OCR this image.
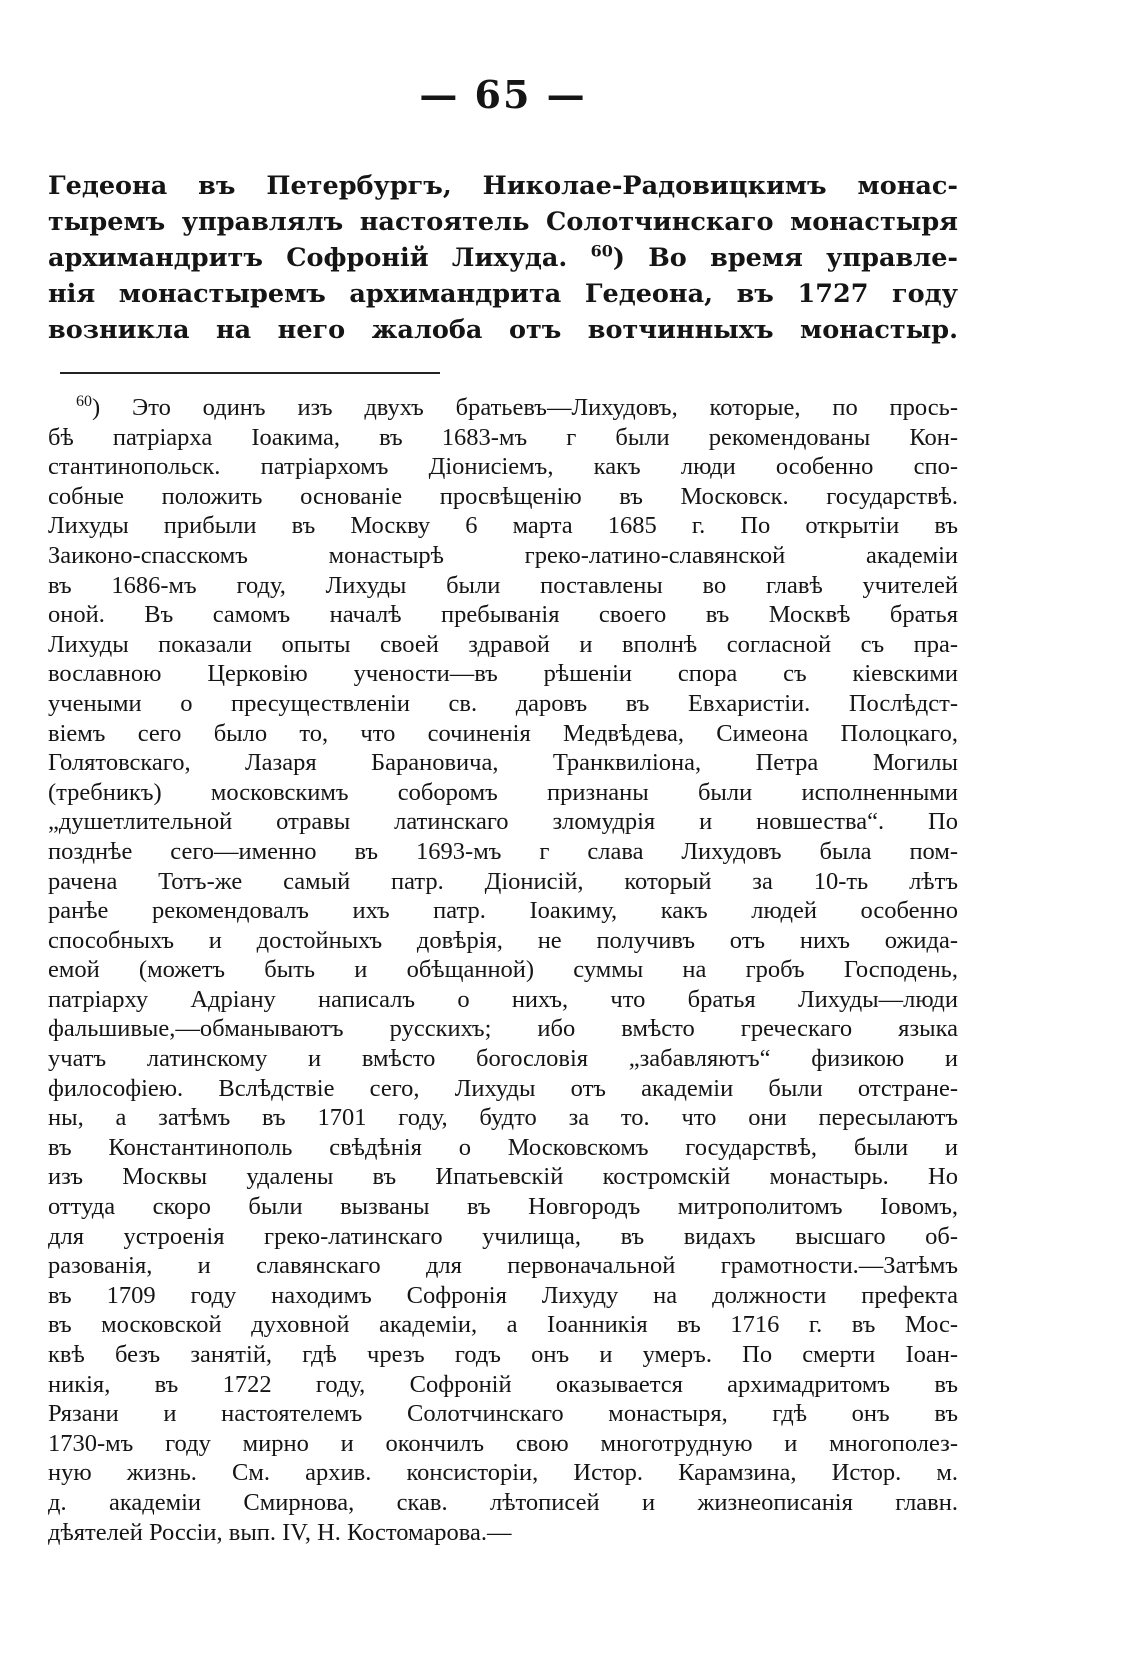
— 65 —
Гедеона въ Петербургъ, Николае-Радовицкимъ монас-
тыремъ управлялъ настоятель Солотчинскаго монастыря
архимандритъ Софроній Лихуда. $^{60}$) Во время управле-
нія монастыремъ архимандрита Гедеона, въ 1727 году
возникла на него жалоба отъ вотчинныхъ монастыр.
$^{60}$) Это одинъ изъ двухъ братьевъ—Лихудовъ, которые, по прось-
бѣ патріарха Іоакима, въ 1683-мъ г были рекомендованы Кон-
стантинопольск. патріархомъ Діонисіемъ, какъ люди особенно спо-
собные положить основаніе просвѣщенію въ Московск. государствѣ.
Лихуды прибыли въ Москву 6 марта 1685 г. По открытіи въ
Заиконо-спасскомъ монастырѣ греко-латино-славянской академіи
въ 1686-мъ году, Лихуды были поставлены во главѣ учителей
оной. Въ самомъ началѣ пребыванія своего въ Москвѣ братья
Лихуды показали опыты своей здравой и вполнѣ согласной съ пра-
вославною Церковію учености—въ рѣшеніи спора съ кіевскими
учеными о пресуществленіи св. даровъ въ Евхаристіи. Послѣдст-
віемъ сего было то, что сочиненія Медвѣдева, Симеона Полоцкаго,
Голятовскаго, Лазаря Барановича, Транквиліона, Петра Могилы
(требникъ) московскимъ соборомъ признаны были исполненными
„душетлительной отравы латинскаго зломудрія и новшества“. По
позднѣе сего—именно въ 1693-мъ г слава Лихудовъ была пом-
рачена Тотъ-же самый патр. Діонисій, который за 10-ть лѣтъ
ранѣе рекомендовалъ ихъ патр. Іоакиму, какъ людей особенно
способныхъ и достойныхъ довѣрія, не получивъ отъ нихъ ожида-
емой (можетъ быть и обѣщанной) суммы на гробъ Господень,
патріарху Адріану написалъ о нихъ, что братья Лихуды—люди
фальшивые,—обманываютъ русскихъ; ибо вмѣсто греческаго языка
учатъ латинскому и вмѣсто богословія „забавляютъ“ физикою и
философіею. Вслѣдствіе сего, Лихуды отъ академіи были отстране-
ны, а затѣмъ въ 1701 году, будто за то. что они пересылаютъ
въ Константинополь свѣдѣнія о Московскомъ государствѣ, были и
изъ Москвы удалены въ Ипатьевскій костромскій монастырь. Но
оттуда скоро были вызваны въ Новгородъ митрополитомъ Іовомъ,
для устроенія греко-латинскаго училища, въ видахъ высшаго об-
разованія, и славянскаго для первоначальной грамотности.—Затѣмъ
въ 1709 году находимъ Софронія Лихуду на должности префекта
въ московской духовной академіи, а Іоанникія въ 1716 г. въ Мос-
квѣ безъ занятій, гдѣ чрезъ годъ онъ и умеръ. По смерти Іоан-
никія, въ 1722 году, Софроній оказывается архимадритомъ въ
Рязани и настоятелемъ Солотчинскаго монастыря, гдѣ онъ въ
1730-мъ году мирно и окончилъ свою многотрудную и многополез-
ную жизнь. См. архив. консисторіи, Истор. Карамзина, Истор. м.
д. академіи Смирнова, скав. лѣтописей и жизнеописанія главн.
дѣятелей Россіи, вып. IV, Н. Костомарова.—
